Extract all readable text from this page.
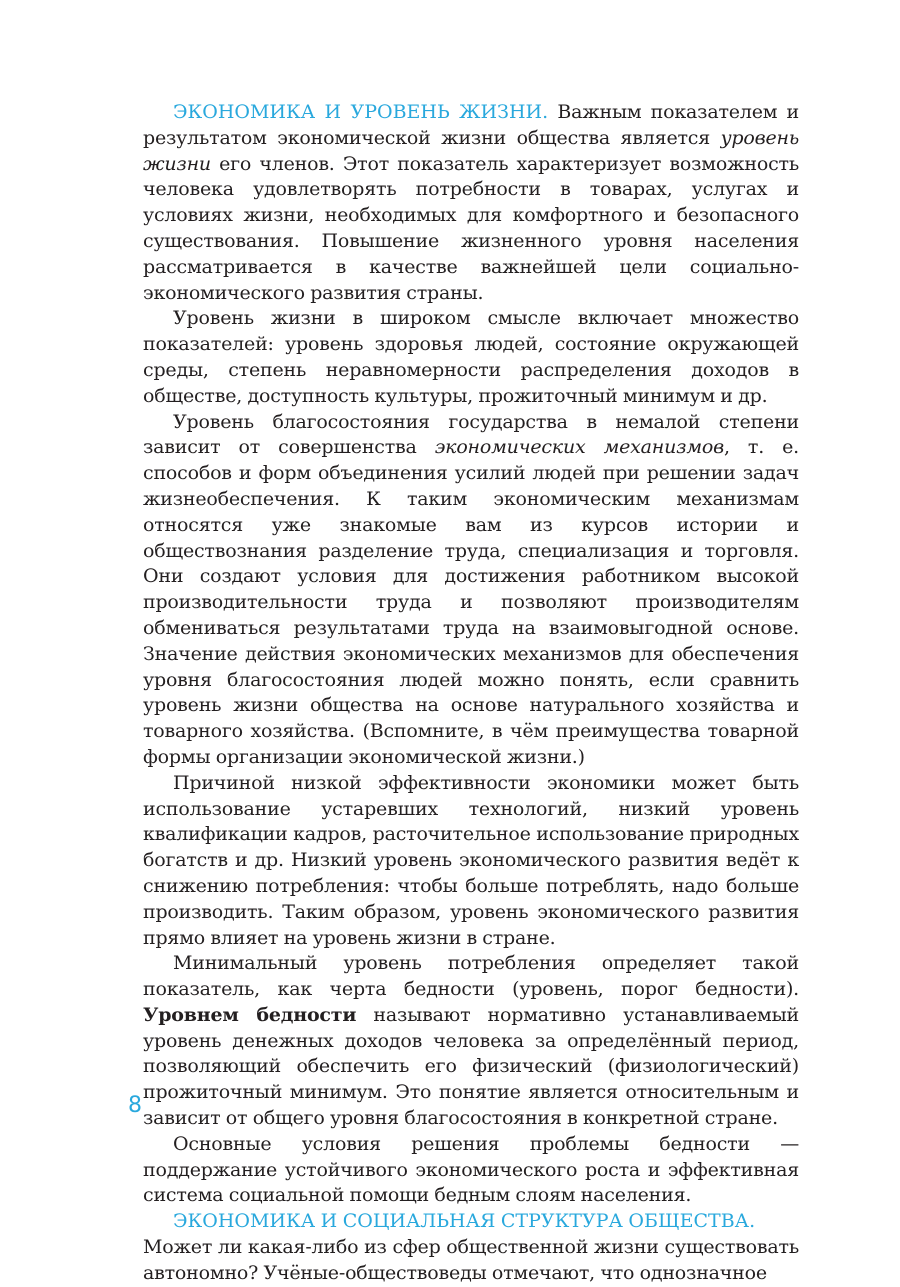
ЭКОНОМИКА И УРОВЕНЬ ЖИЗНИ. Важным показателем и результатом экономической жизни общества является уровень жизни его членов. Этот показатель характеризует возможность человека удовлетворять потребности в товарах, услугах и условиях жизни, необходимых для комфортного и безопасного существования. Повышение жизненного уровня населения рассматривается в качестве важнейшей цели социально-экономического развития страны.

Уровень жизни в широком смысле включает множество показателей: уровень здоровья людей, состояние окружающей среды, степень неравномерности распределения доходов в обществе, доступность культуры, прожиточный минимум и др.

Уровень благосостояния государства в немалой степени зависит от совершенства экономических механизмов, т. е. способов и форм объединения усилий людей при решении задач жизнеобеспечения. К таким экономическим механизмам относятся уже знакомые вам из курсов истории и обществознания разделение труда, специализация и торговля. Они создают условия для достижения работником высокой производительности труда и позволяют производителям обмениваться результатами труда на взаимовыгодной основе. Значение действия экономических механизмов для обеспечения уровня благосостояния людей можно понять, если сравнить уровень жизни общества на основе натурального хозяйства и товарного хозяйства. (Вспомните, в чём преимущества товарной формы организации экономической жизни.)

Причиной низкой эффективности экономики может быть использование устаревших технологий, низкий уровень квалификации кадров, расточительное использование природных богатств и др. Низкий уровень экономического развития ведёт к снижению потребления: чтобы больше потреблять, надо больше производить. Таким образом, уровень экономического развития прямо влияет на уровень жизни в стране.

Минимальный уровень потребления определяет такой показатель, как черта бедности (уровень, порог бедности). Уровнем бедности называют нормативно устанавливаемый уровень денежных доходов человека за определённый период, позволяющий обеспечить его физический (физиологический) прожиточный минимум. Это понятие является относительным и зависит от общего уровня благосостояния в конкретной стране.

Основные условия решения проблемы бедности — поддержание устойчивого экономического роста и эффективная система социальной помощи бедным слоям населения.

ЭКОНОМИКА И СОЦИАЛЬНАЯ СТРУКТУРА ОБЩЕСТВА.

Может ли какая-либо из сфер общественной жизни существовать автономно? Учёные-обществоведы отмечают, что однозначное

8
